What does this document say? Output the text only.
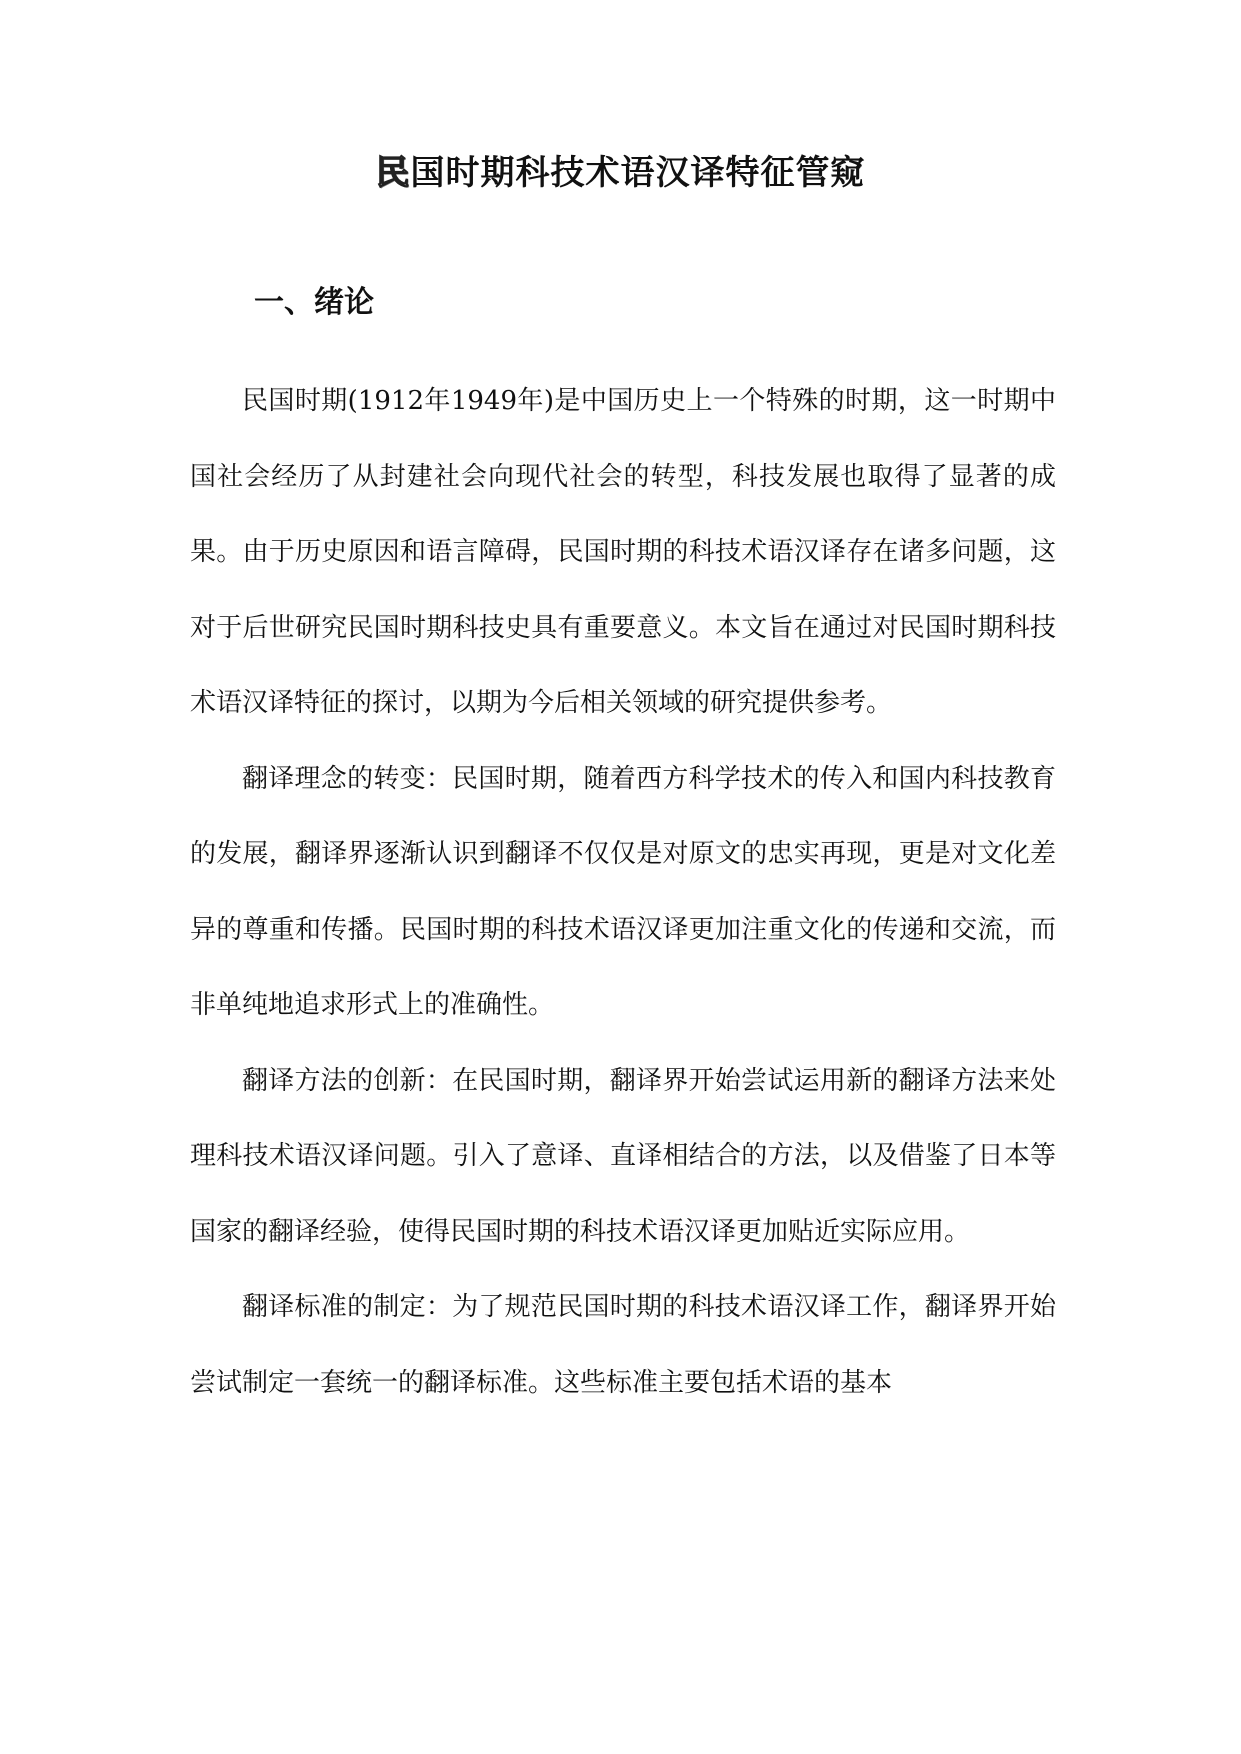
民国时期科技术语汉译特征管窥
一、绪论

民国时期(1912年1949年)是中国历史上一个特殊的时期，这一时期中国社会经历了从封建社会向现代社会的转型，科技发展也取得了显著的成果。由于历史原因和语言障碍，民国时期的科技术语汉译存在诸多问题，这对于后世研究民国时期科技史具有重要意义。本文旨在通过对民国时期科技术语汉译特征的探讨，以期为今后相关领域的研究提供参考。

翻译理念的转变：民国时期，随着西方科学技术的传入和国内科技教育的发展，翻译界逐渐认识到翻译不仅仅是对原文的忠实再现，更是对文化差异的尊重和传播。民国时期的科技术语汉译更加注重文化的传递和交流，而非单纯地追求形式上的准确性。

翻译方法的创新：在民国时期，翻译界开始尝试运用新的翻译方法来处理科技术语汉译问题。引入了意译、直译相结合的方法，以及借鉴了日本等国家的翻译经验，使得民国时期的科技术语汉译更加贴近实际应用。

翻译标准的制定：为了规范民国时期的科技术语汉译工作，翻译界开始尝试制定一套统一的翻译标准。这些标准主要包括术语的基本
